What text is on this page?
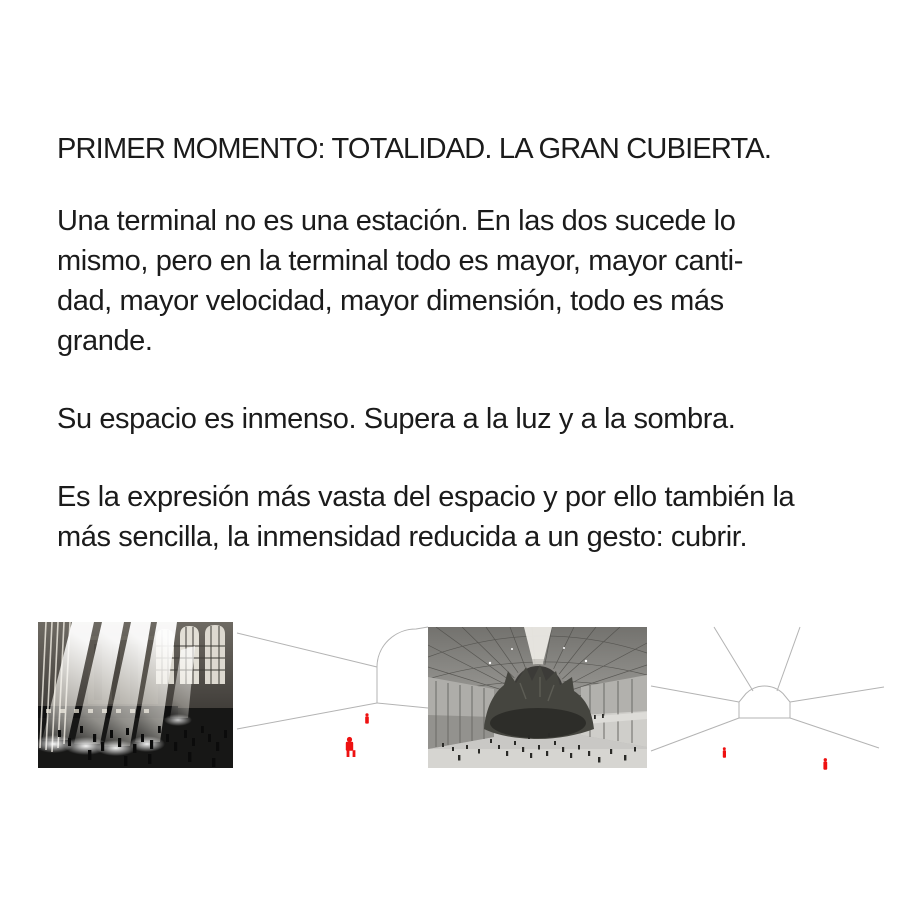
PRIMER MOMENTO: TOTALIDAD. LA GRAN CUBIERTA.
Una terminal no es una estación. En las dos sucede lo
mismo, pero en la terminal todo es mayor, mayor canti-
dad, mayor velocidad, mayor dimensión, todo es más
grande.
Su espacio es inmenso. Supera a la luz y a la sombra.
Es la expresión más vasta del espacio y por ello también la
más sencilla, la inmensidad reducida a un gesto: cubrir.
